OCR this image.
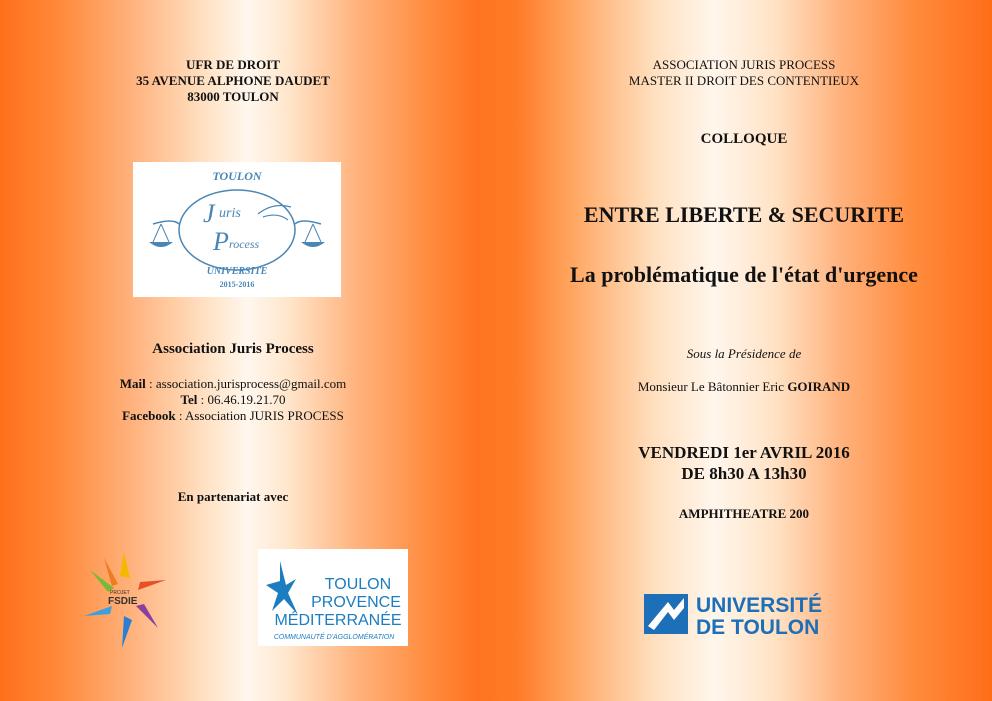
UFR DE DROIT
35 AVENUE ALPHONE DAUDET
83000 TOULON
TOULON
J uris
P rocess
UNIVERSITE
2015-2016
Association Juris Process
Mail : association.jurisprocess@gmail.com
Tel : 06.46.19.21.70
Facebook : Association JURIS PROCESS
En partenariat avec
PROJET
FSDIE
TOULON
PROVENCE
MÉDITERRANÉE
COMMUNAUTÉ D'AGGLOMÉRATION
ASSOCIATION JURIS PROCESS
MASTER II DROIT DES CONTENTIEUX
COLLOQUE
ENTRE LIBERTE & SECURITE
La problématique de l'état d'urgence
Sous la Présidence de
Monsieur Le Bâtonnier Eric GOIRAND
VENDREDI 1er AVRIL 2016
DE 8h30 A 13h30
AMPHITHEATRE 200
UNIVERSITÉ
DE TOULON
